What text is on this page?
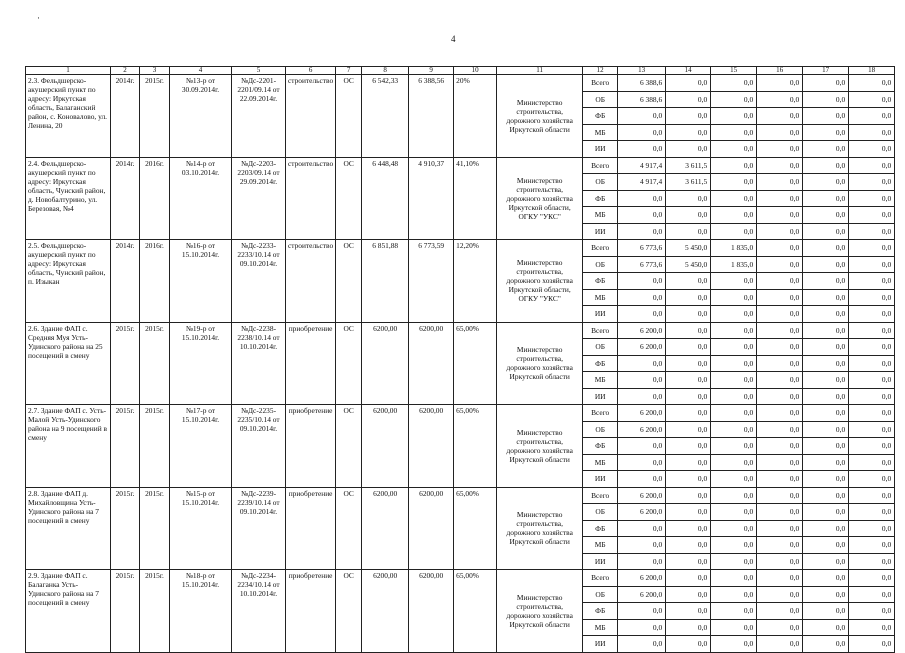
·
4
1	2	3	4	5	6	7	8	9	10	11	12	13	14	15	16	17	18
2.3. Фельдшерско-акушерский пункт по адресу: Иркутская область, Балаганский район, с. Коновалово, ул. Ленина, 20	2014г.	2015г.	№13-р от 30.09.2014г.	№Дс-2201-2201/09.14 от 22.09.2014г.	строительство	ОС	6 542,33	6 388,56	20%	Министерство строительства, дорожного хозяйства Иркутской области	Всего	6 388,6	0,0	0,0	0,0	0,0	0,0
											ОБ	6 388,6	0,0	0,0	0,0	0,0	0,0
											ФБ	0,0	0,0	0,0	0,0	0,0	0,0
											МБ	0,0	0,0	0,0	0,0	0,0	0,0
											ИИ	0,0	0,0	0,0	0,0	0,0	0,0
2.4. Фельдшерско-акушерский пункт по адресу: Иркутская область, Чунский район, д. Новобалтурино, ул. Березовая, №4	2014г.	2016г.	№14-р от 03.10.2014г.	№Дс-2203-2203/09.14 от 29.09.2014г.	строительство	ОС	6 448,48	4 910,37	41,10%	Министерство строительства, дорожного хозяйства Иркутской области, ОГКУ "УКС"	Всего	4 917,4	3 611,5	0,0	0,0	0,0	0,0
											ОБ	4 917,4	3 611,5	0,0	0,0	0,0	0,0
											ФБ	0,0	0,0	0,0	0,0	0,0	0,0
											МБ	0,0	0,0	0,0	0,0	0,0	0,0
											ИИ	0,0	0,0	0,0	0,0	0,0	0,0
2.5. Фельдшерско-акушерский пункт по адресу: Иркутская область, Чунский район, п. Изыкан	2014г.	2016г.	№16-р от 15.10.2014г.	№Дс-2233-2233/10.14 от 09.10.2014г.	строительство	ОС	6 851,88	6 773,59	12,20%	Министерство строительства, дорожного хозяйства Иркутской области, ОГКУ "УКС"	Всего	6 773,6	5 450,0	1 835,0	0,0	0,0	0,0
											ОБ	6 773,6	5 450,0	1 835,0	0,0	0,0	0,0
											ФБ	0,0	0,0	0,0	0,0	0,0	0,0
											МБ	0,0	0,0	0,0	0,0	0,0	0,0
											ИИ	0,0	0,0	0,0	0,0	0,0	0,0
2.6. Здание ФАП с. Средняя Муя Усть-Удинского района на 25 посещений в смену	2015г.	2015г.	№19-р от 15.10.2014г.	№Дс-2238-2238/10.14 от 10.10.2014г.	приобретение	ОС	6200,00	6200,00	65,00%	Министерство строительства, дорожного хозяйства Иркутской области	Всего	6 200,0	0,0	0,0	0,0	0,0	0,0
											ОБ	6 200,0	0,0	0,0	0,0	0,0	0,0
											ФБ	0,0	0,0	0,0	0,0	0,0	0,0
											МБ	0,0	0,0	0,0	0,0	0,0	0,0
											ИИ	0,0	0,0	0,0	0,0	0,0	0,0
2.7. Здание ФАП с. Усть-Малой Усть-Удинского района на 9 посещений в смену	2015г.	2015г.	№17-р от 15.10.2014г.	№Дс-2235-2235/10.14 от 09.10.2014г.	приобретение	ОС	6200,00	6200,00	65,00%	Министерство строительства, дорожного хозяйства Иркутской области	Всего	6 200,0	0,0	0,0	0,0	0,0	0,0
											ОБ	6 200,0	0,0	0,0	0,0	0,0	0,0
											ФБ	0,0	0,0	0,0	0,0	0,0	0,0
											МБ	0,0	0,0	0,0	0,0	0,0	0,0
											ИИ	0,0	0,0	0,0	0,0	0,0	0,0
2.8. Здание ФАП д. Михайловщина Усть-Удинского района на 7 посещений в смену	2015г.	2015г.	№15-р от 15.10.2014г.	№Дс-2239-2239/10.14 от 09.10.2014г.	приобретение	ОС	6200,00	6200,00	65,00%	Министерство строительства, дорожного хозяйства Иркутской области	Всего	6 200,0	0,0	0,0	0,0	0,0	0,0
											ОБ	6 200,0	0,0	0,0	0,0	0,0	0,0
											ФБ	0,0	0,0	0,0	0,0	0,0	0,0
											МБ	0,0	0,0	0,0	0,0	0,0	0,0
											ИИ	0,0	0,0	0,0	0,0	0,0	0,0
2.9. Здание ФАП с. Балаганка Усть-Удинского района на 7 посещений в смену	2015г.	2015г.	№18-р от 15.10.2014г.	№Дс-2234-2234/10.14 от 10.10.2014г.	приобретение	ОС	6200,00	6200,00	65,00%	Министерство строительства, дорожного хозяйства Иркутской области	Всего	6 200,0	0,0	0,0	0,0	0,0	0,0
											ОБ	6 200,0	0,0	0,0	0,0	0,0	0,0
											ФБ	0,0	0,0	0,0	0,0	0,0	0,0
											МБ	0,0	0,0	0,0	0,0	0,0	0,0
											ИИ	0,0	0,0	0,0	0,0	0,0	0,0
